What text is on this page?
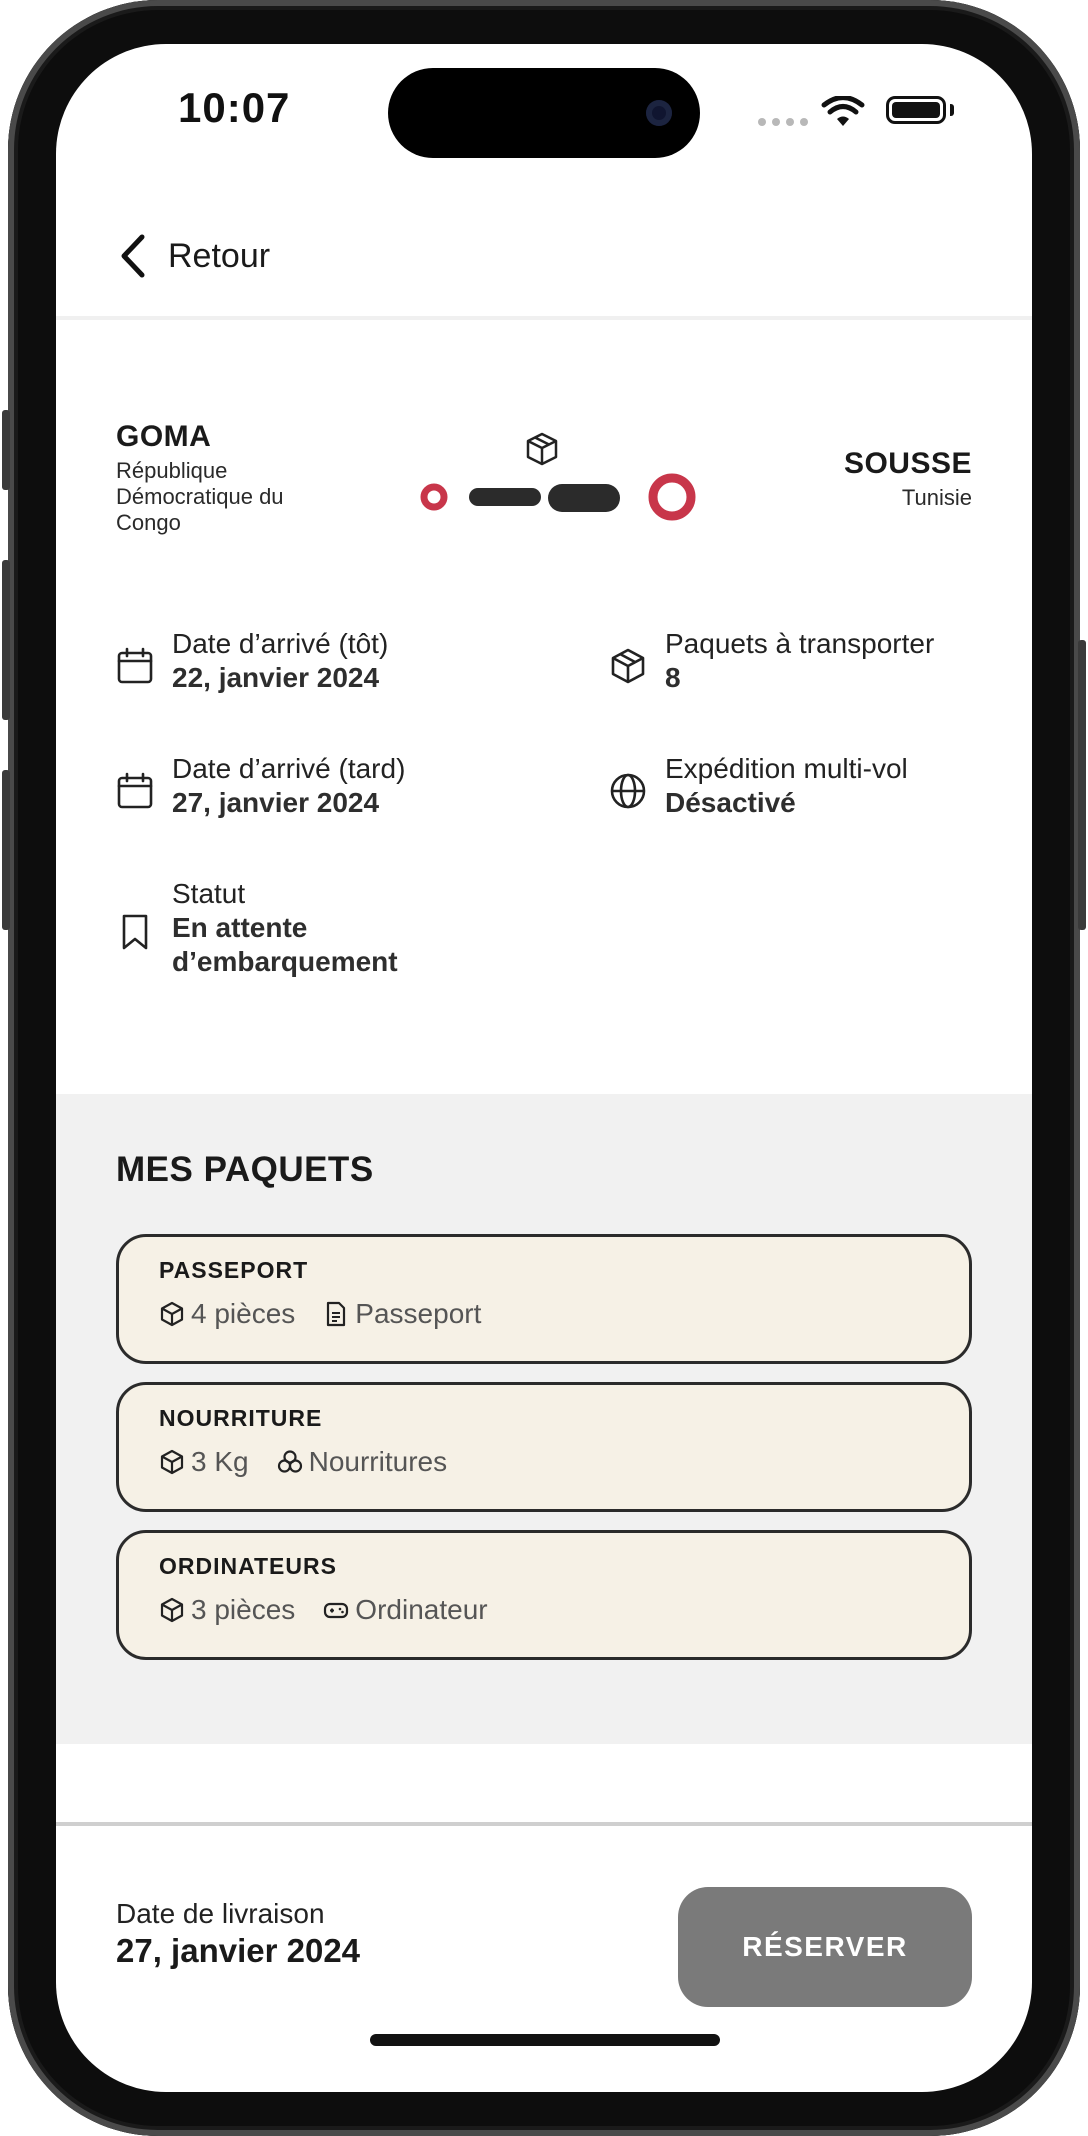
10:07
Retour
GOMA
République Démocratique du Congo
SOUSSE
Tunisie
Date d’arrivé (tôt)
22, janvier 2024
Paquets à transporter
8
Date d’arrivé (tard)
27, janvier 2024
Expédition multi-vol
Désactivé
Statut
En attente d’embarquement
MES PAQUETS
PASSEPORT
4 pièces Passeport
NOURRITURE
3 Kg Nourritures
ORDINATEURS
3 pièces Ordinateur
Date de livraison
27, janvier 2024	RÉSERVER
